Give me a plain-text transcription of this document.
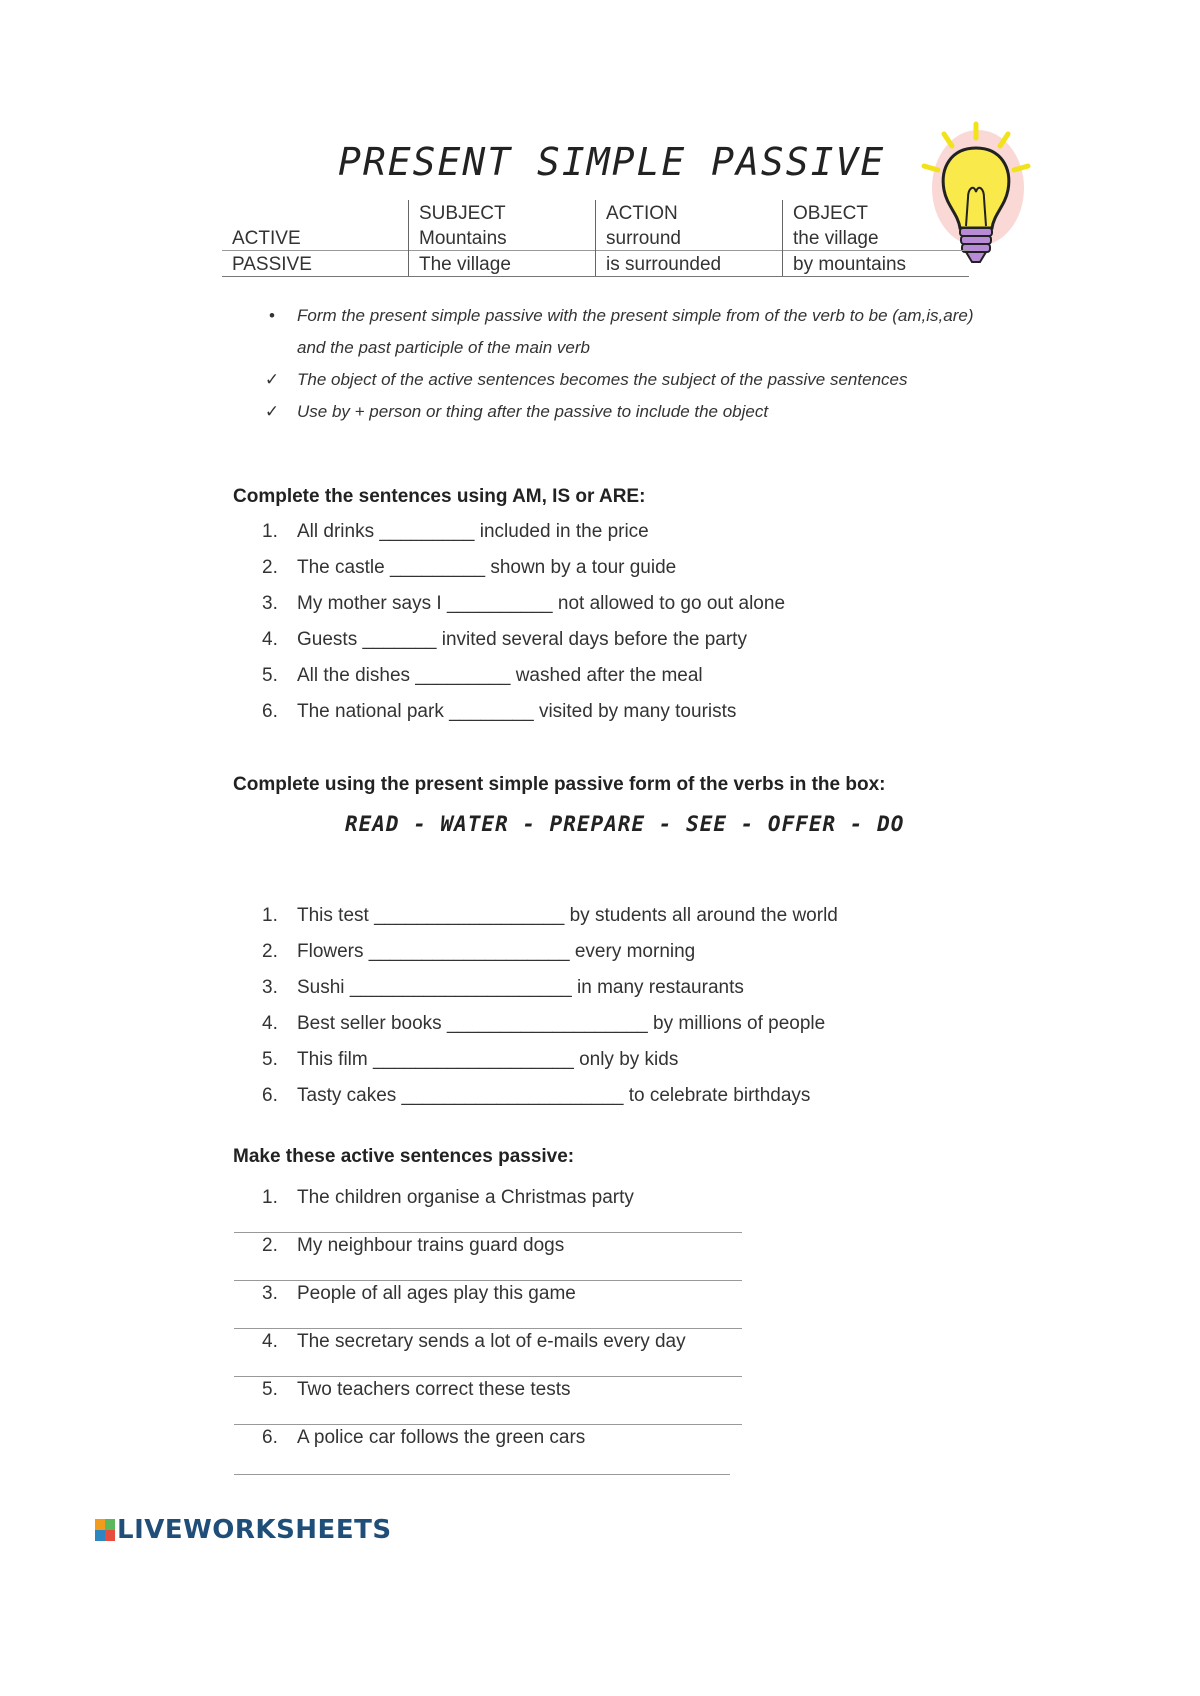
PRESENT SIMPLE PASSIVE
	SUBJECT	ACTION	OBJECT
ACTIVE	Mountains	surround	the village
PASSIVE	The village	is surrounded	by mountains
•	Form the present simple passive with the present simple from of the verb to be (am,is,are) and the past participle of the main verb
✓ The object of the active sentences becomes the subject of the passive sentences
✓ Use by + person or thing after the passive to include the object
Complete the sentences using AM, IS or ARE:
1. All drinks _________ included in the price
2. The castle _________ shown by a tour guide
3. My mother says I __________ not allowed to go out alone
4. Guests _______ invited several days before the party
5. All the dishes _________ washed after the meal
6. The national park ________ visited by many tourists
Complete using the present simple passive form of the verbs in the box:
READ - WATER - PREPARE - SEE - OFFER - DO
1. This test __________________ by students all around the world
2. Flowers ___________________ every morning
3. Sushi _____________________ in many restaurants
4. Best seller books ___________________ by millions of people
5. This film ___________________ only by kids
6. Tasty cakes _____________________ to celebrate birthdays
Make these active sentences passive:
1. The children organise a Christmas party
2. My neighbour trains guard dogs
3. People of all ages play this game
4. The secretary sends a lot of e-mails every day
5. Two teachers correct these tests
6. A police car follows the green cars
LIVEWORKSHEETS
